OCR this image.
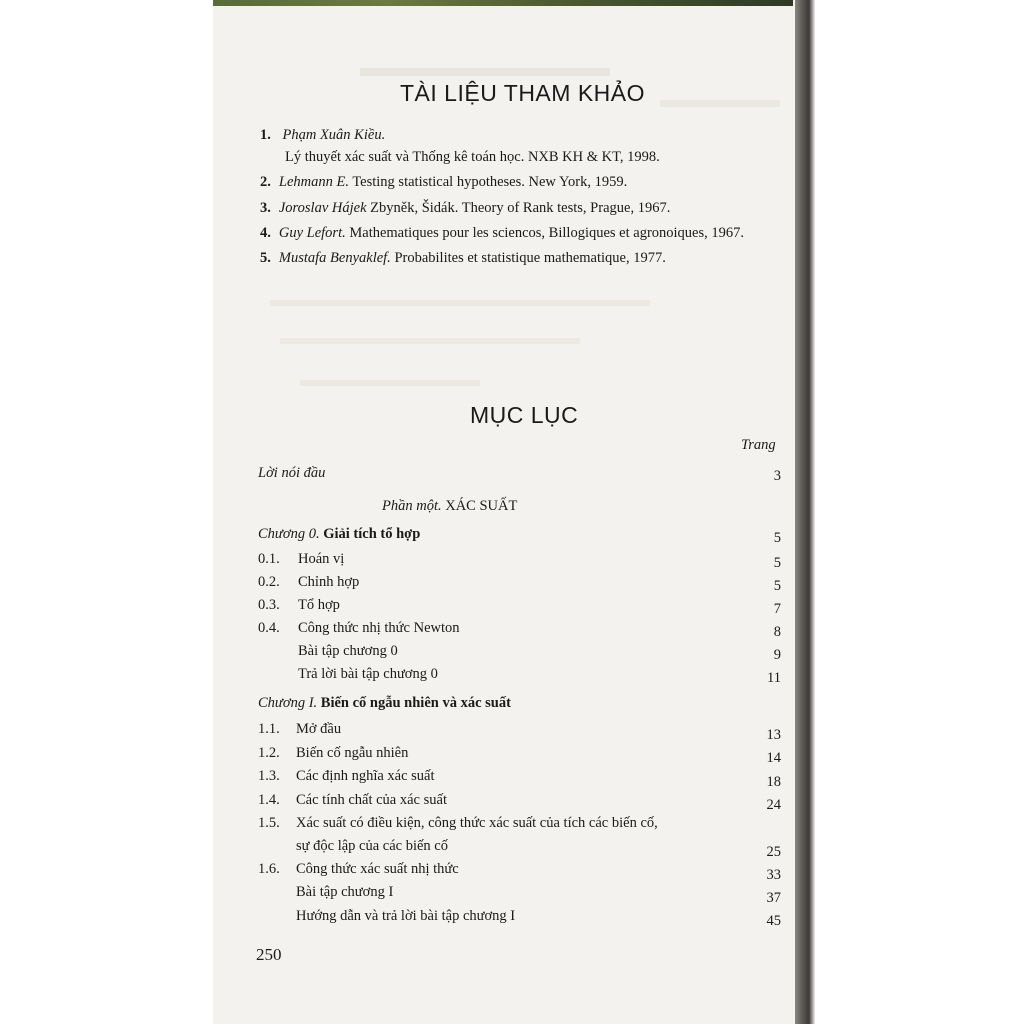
TÀI LIỆU THAM KHẢO
1. Phạm Xuân Kiều.
Lý thuyết xác suất và Thống kê toán học. NXB KH & KT, 1998.
2. Lehmann E. Testing statistical hypotheses. New York, 1959.
3. Joroslav Hájek Zbyněk, Šidák. Theory of Rank tests, Prague, 1967.
4. Guy Lefort. Mathematiques pour les sciencos, Billogiques et agronoiques, 1967.
5. Mustafa Benyaklef. Probabilites et statistique mathematique, 1977.
MỤC LỤC
Trang
Lời nói đầu	3
Phần một. XÁC SUẤT
Chương 0. Giải tích tổ hợp	5
0.1. Hoán vị	5
0.2. Chỉnh hợp	5
0.3. Tổ hợp	7
0.4. Công thức nhị thức Newton	8
Bài tập chương 0	9
Trả lời bài tập chương 0	11
Chương I. Biến cố ngẫu nhiên và xác suất
1.1. Mở đầu	13
1.2. Biến cố ngẫu nhiên	14
1.3. Các định nghĩa xác suất	18
1.4. Các tính chất của xác suất	24
1.5. Xác suất có điều kiện, công thức xác suất của tích các biến cố,
sự độc lập của các biến cố	25
1.6. Công thức xác suất nhị thức	33
Bài tập chương I	37
Hướng dẫn và trả lời bài tập chương I	45
250
